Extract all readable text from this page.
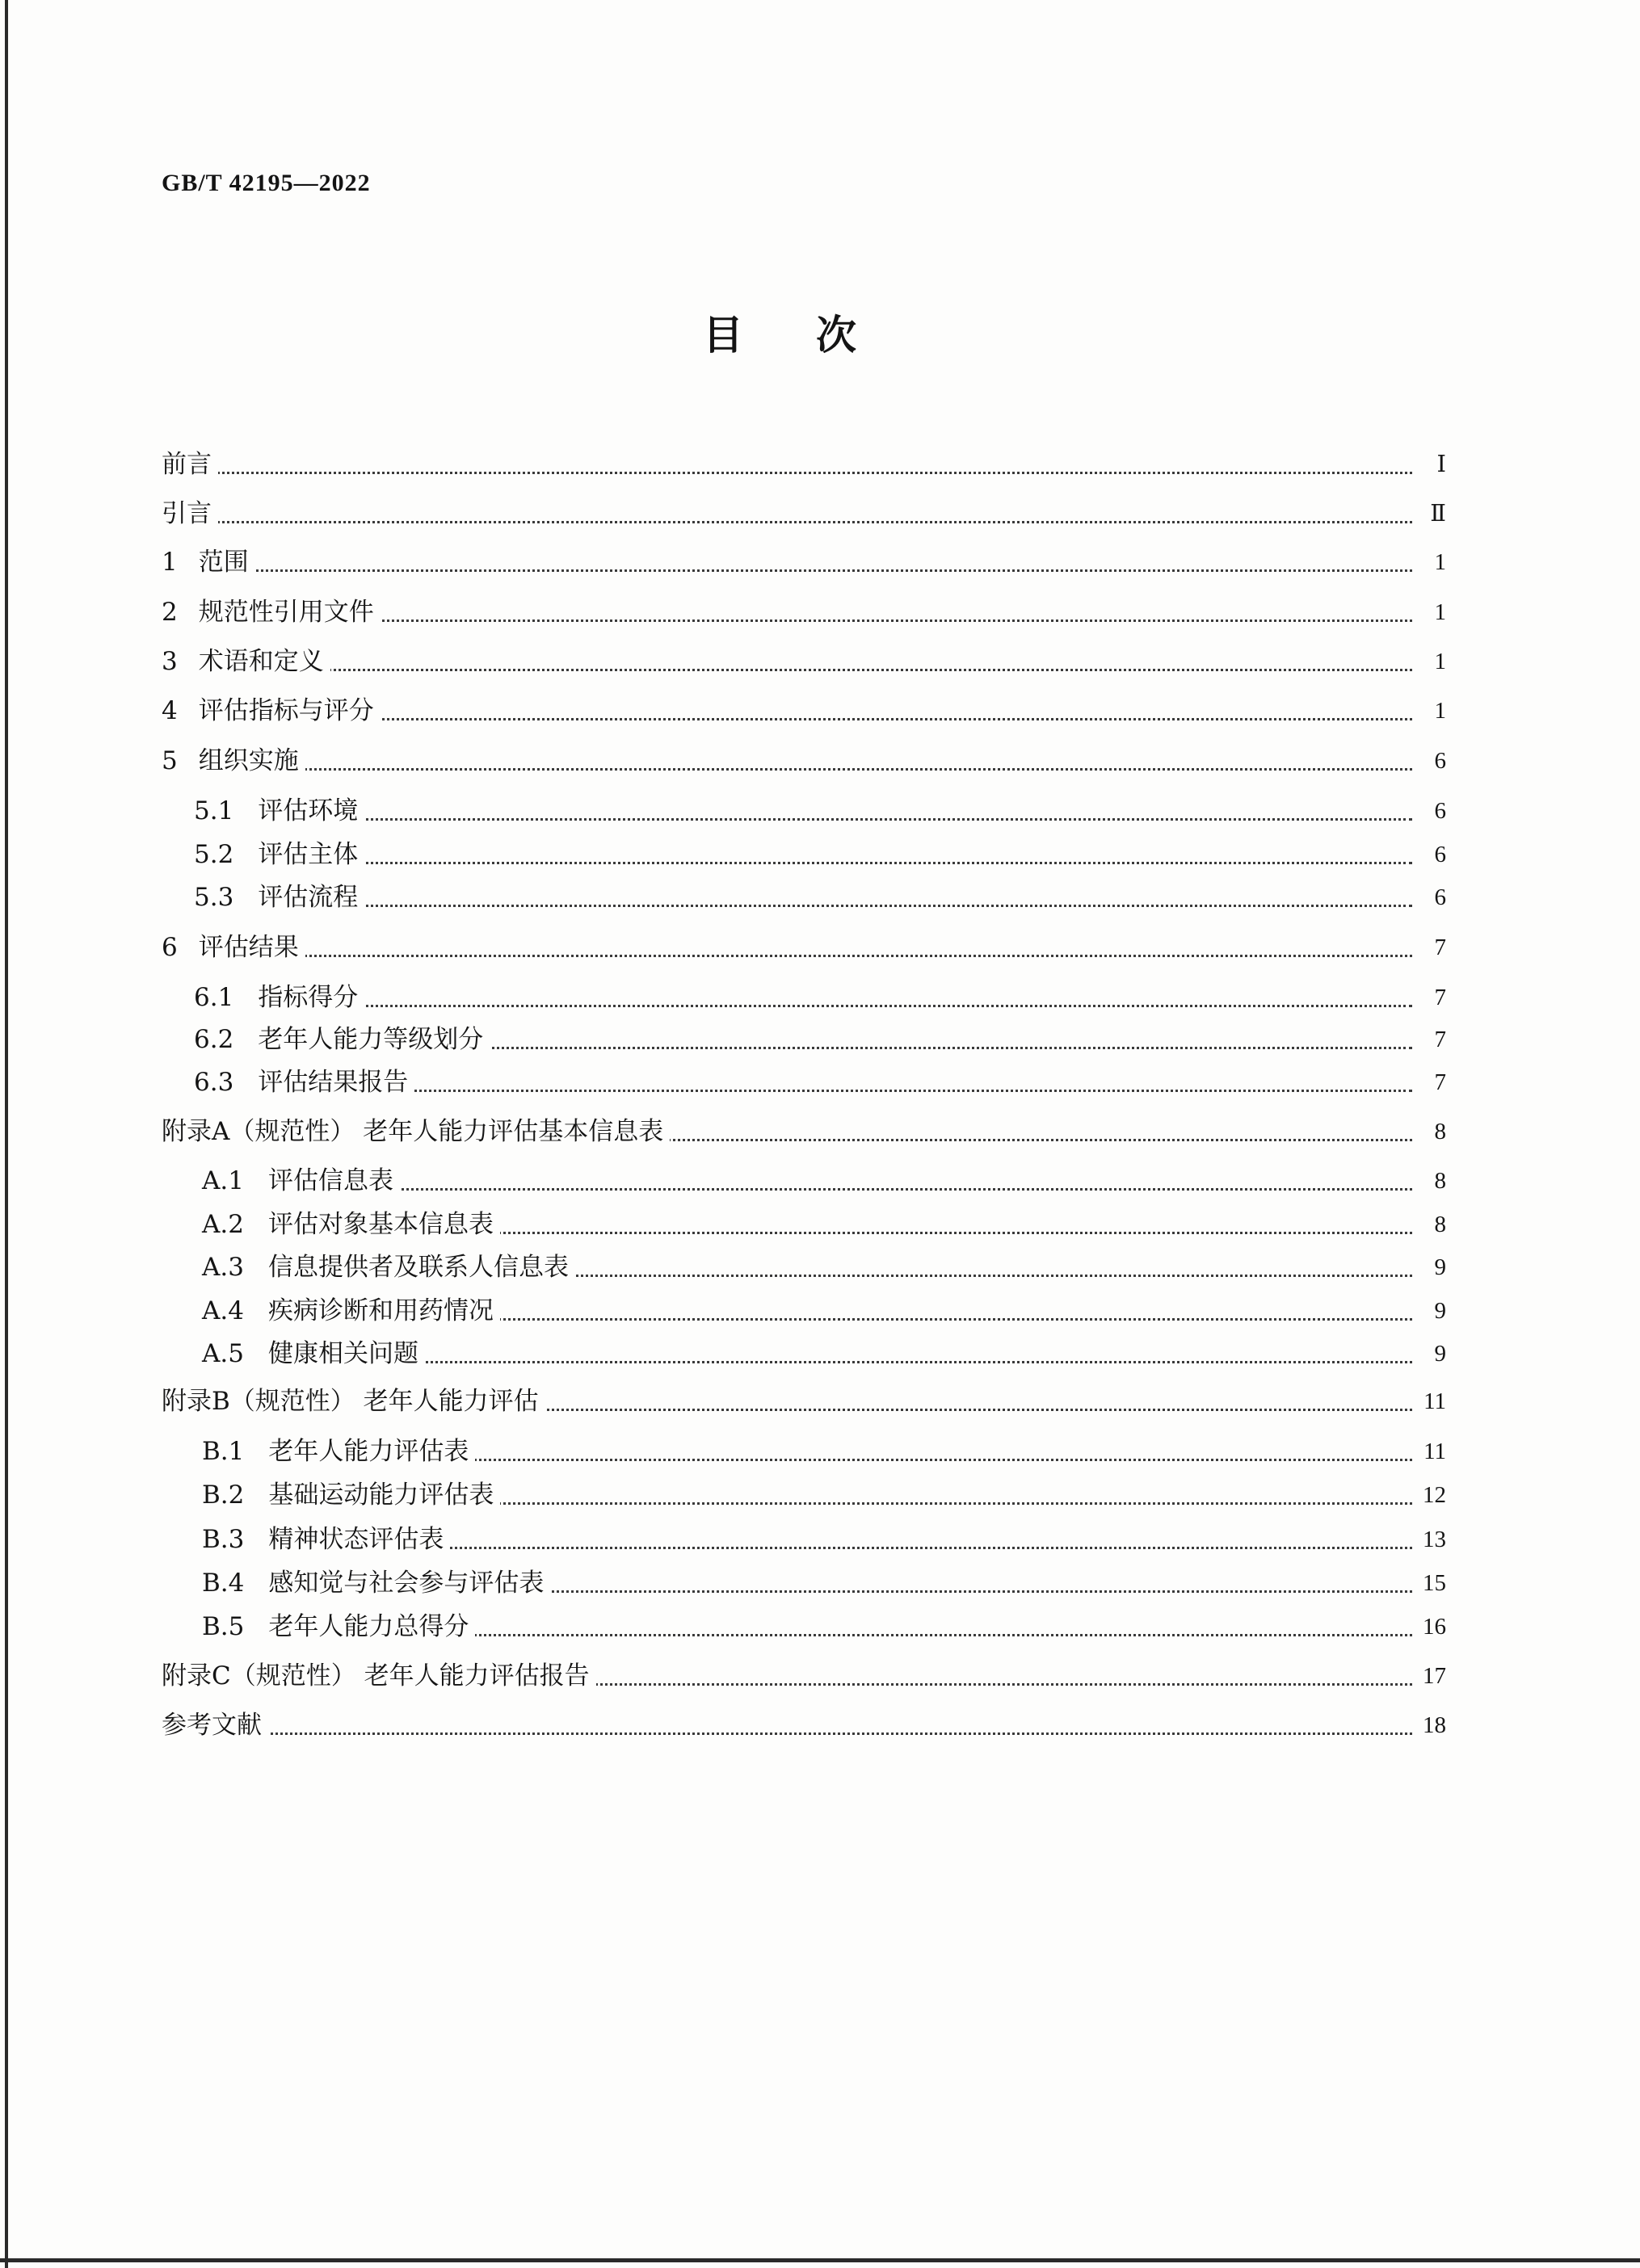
GB/T 42195—2022
目次
前言	Ⅰ
引言	Ⅱ
1 范围	1
2 规范性引用文件	1
3 术语和定义	1
4 评估指标与评分	1
5 组织实施	6
5.1 评估环境	6
5.2 评估主体	6
5.3 评估流程	6
6 评估结果	7
6.1 指标得分	7
6.2 老年人能力等级划分	7
6.3 评估结果报告	7
附录A（规范性） 老年人能力评估基本信息表	8
A.1 评估信息表	8
A.2 评估对象基本信息表	8
A.3 信息提供者及联系人信息表	9
A.4 疾病诊断和用药情况	9
A.5 健康相关问题	9
附录B（规范性） 老年人能力评估	11
B.1 老年人能力评估表	11
B.2 基础运动能力评估表	12
B.3 精神状态评估表	13
B.4 感知觉与社会参与评估表	15
B.5 老年人能力总得分	16
附录C（规范性） 老年人能力评估报告	17
参考文献	18
